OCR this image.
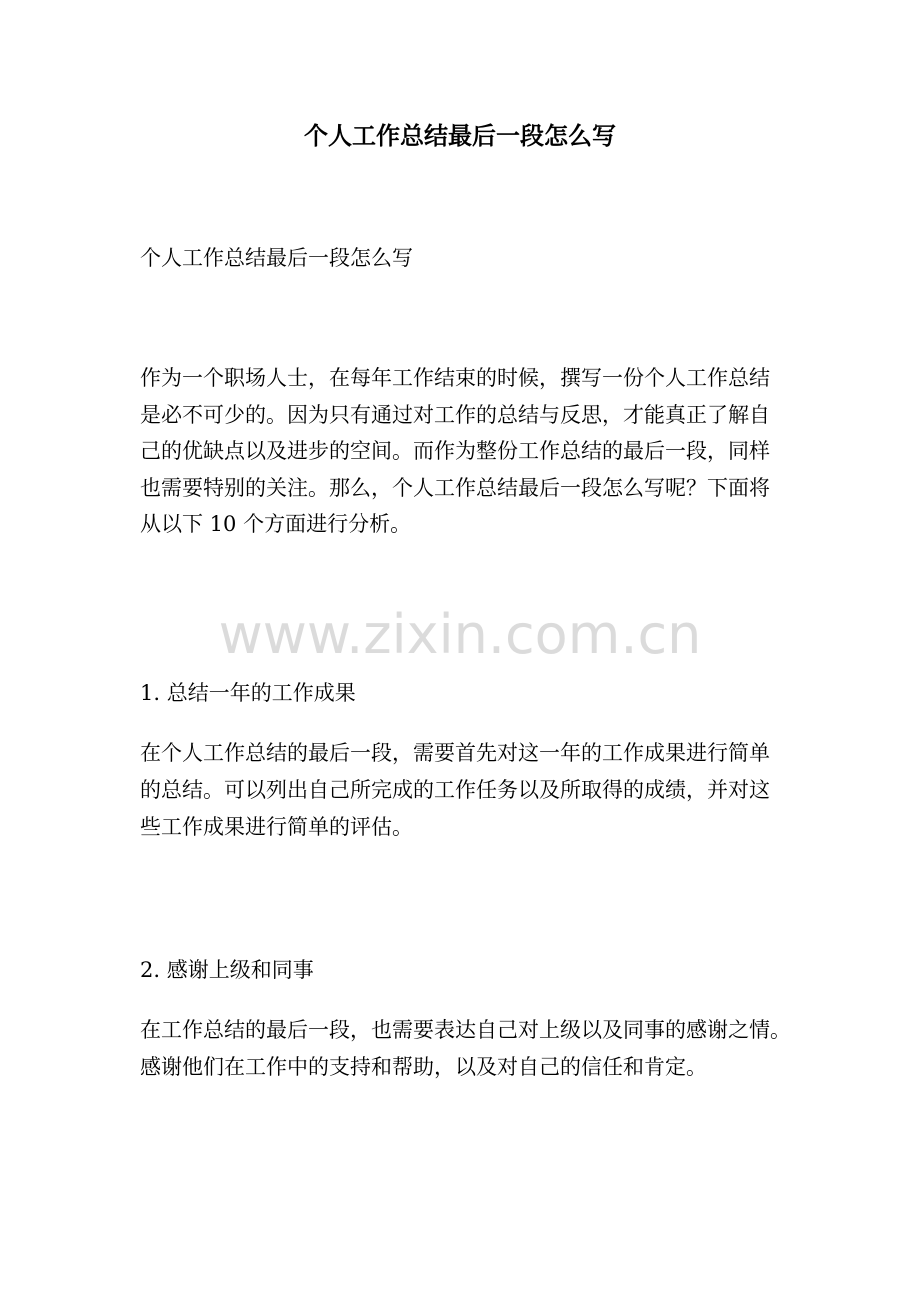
个人工作总结最后一段怎么写

个人工作总结最后一段怎么写

作为一个职场人士，在每年工作结束的时候，撰写一份个人工作总结
是必不可少的。因为只有通过对工作的总结与反思，才能真正了解自
己的优缺点以及进步的空间。而作为整份工作总结的最后一段，同样
也需要特别的关注。那么，个人工作总结最后一段怎么写呢？下面将
从以下 10 个方面进行分析。
www.zixin.com.cn

1. 总结一年的工作成果

在个人工作总结的最后一段，需要首先对这一年的工作成果进行简单
的总结。可以列出自己所完成的工作任务以及所取得的成绩，并对这
些工作成果进行简单的评估。

2. 感谢上级和同事

在工作总结的最后一段，也需要表达自己对上级以及同事的感谢之情。
感谢他们在工作中的支持和帮助，以及对自己的信任和肯定。
